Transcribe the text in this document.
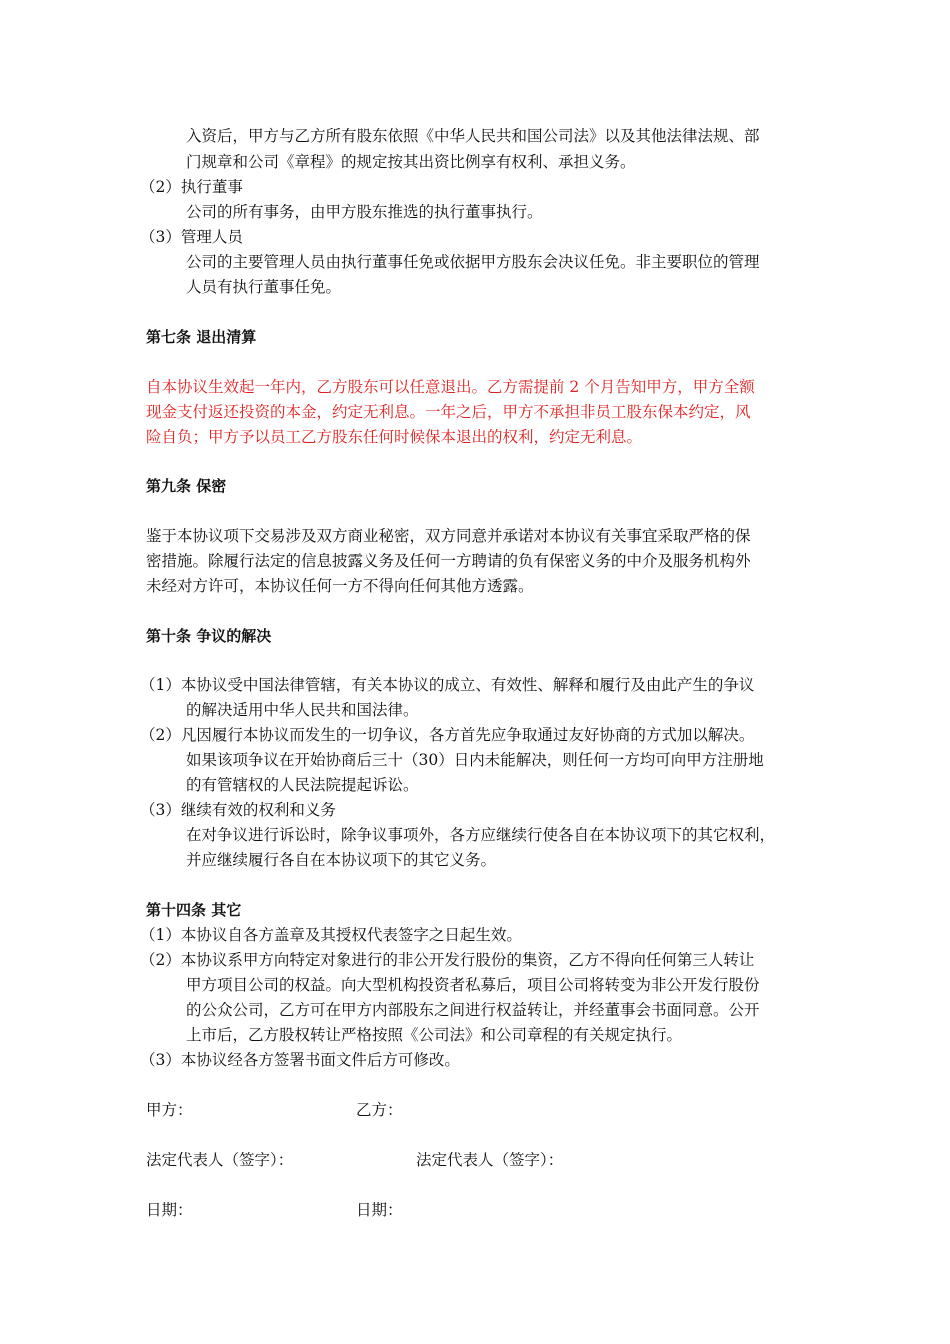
入资后，甲方与乙方所有股东依照《中华人民共和国公司法》以及其他法律法规、部
门规章和公司《章程》的规定按其出资比例享有权利、承担义务。
（2）执行董事
公司的所有事务，由甲方股东推选的执行董事执行。
（3）管理人员
公司的主要管理人员由执行董事任免或依据甲方股东会决议任免。非主要职位的管理
人员有执行董事任免。
第七条 退出清算
自本协议生效起一年内，乙方股东可以任意退出。乙方需提前 2 个月告知甲方，甲方全额
现金支付返还投资的本金，约定无利息。一年之后，甲方不承担非员工股东保本约定，风
险自负；甲方予以员工乙方股东任何时候保本退出的权利，约定无利息。
第九条 保密
鉴于本协议项下交易涉及双方商业秘密，双方同意并承诺对本协议有关事宜采取严格的保
密措施。除履行法定的信息披露义务及任何一方聘请的负有保密义务的中介及服务机构外
未经对方许可，本协议任何一方不得向任何其他方透露。
第十条 争议的解决
（1）本协议受中国法律管辖，有关本协议的成立、有效性、解释和履行及由此产生的争议
的解决适用中华人民共和国法律。
（2）凡因履行本协议而发生的一切争议，各方首先应争取通过友好协商的方式加以解决。
如果该项争议在开始协商后三十（30）日内未能解决，则任何一方均可向甲方注册地
的有管辖权的人民法院提起诉讼。
（3）继续有效的权利和义务
在对争议进行诉讼时，除争议事项外，各方应继续行使各自在本协议项下的其它权利，
并应继续履行各自在本协议项下的其它义务。
第十四条 其它
（1）本协议自各方盖章及其授权代表签字之日起生效。
（2）本协议系甲方向特定对象进行的非公开发行股份的集资，乙方不得向任何第三人转让
甲方项目公司的权益。向大型机构投资者私募后，项目公司将转变为非公开发行股份
的公众公司，乙方可在甲方内部股东之间进行权益转让，并经董事会书面同意。公开
上市后，乙方股权转让严格按照《公司法》和公司章程的有关规定执行。
（3）本协议经各方签署书面文件后方可修改。
甲方：	乙方：
法定代表人（签字）：	法定代表人（签字）：
日期：	日期：
